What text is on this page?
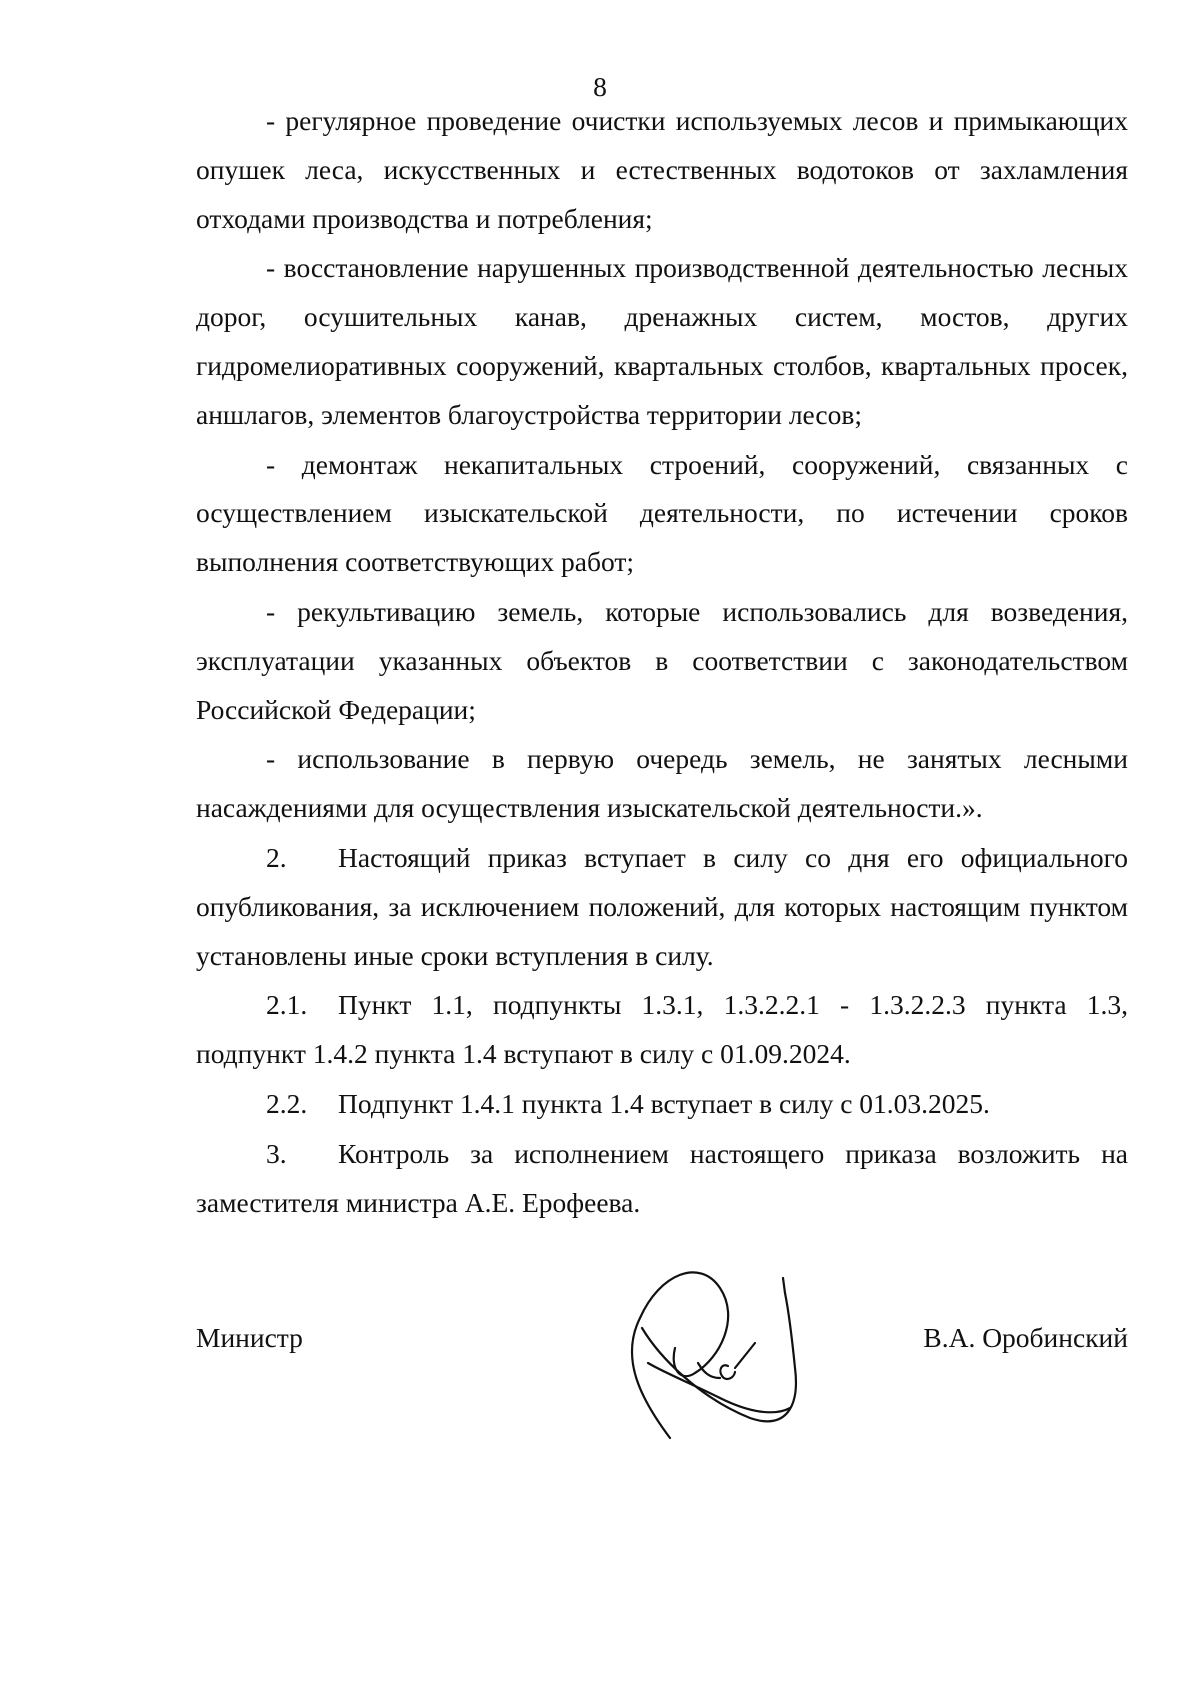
8

- регулярное проведение очистки используемых лесов и примыкающих опушек леса, искусственных и естественных водотоков от захламления отходами производства и потребления;

- восстановление нарушенных производственной деятельностью лесных дорог, осушительных канав, дренажных систем, мостов, других гидромелиоративных сооружений, квартальных столбов, квартальных просек, аншлагов, элементов благоустройства территории лесов;

- демонтаж некапитальных строений, сооружений, связанных с осуществлением изыскательской деятельности, по истечении сроков выполнения соответствующих работ;

- рекультивацию земель, которые использовались для возведения, эксплуатации указанных объектов в соответствии с законодательством Российской Федерации;

- использование в первую очередь земель, не занятых лесными насаждениями для осуществления изыскательской деятельности.».

2. Настоящий приказ вступает в силу со дня его официального опубликования, за исключением положений, для которых настоящим пунктом установлены иные сроки вступления в силу.

2.1. Пункт 1.1, подпункты 1.3.1, 1.3.2.2.1 - 1.3.2.2.3 пункта 1.3, подпункт 1.4.2 пункта 1.4 вступают в силу с 01.09.2024.

2.2. Подпункт 1.4.1 пункта 1.4 вступает в силу с 01.03.2025.

3. Контроль за исполнением настоящего приказа возложить на заместителя министра А.Е. Ерофеева.

Министр	В.А. Оробинский
